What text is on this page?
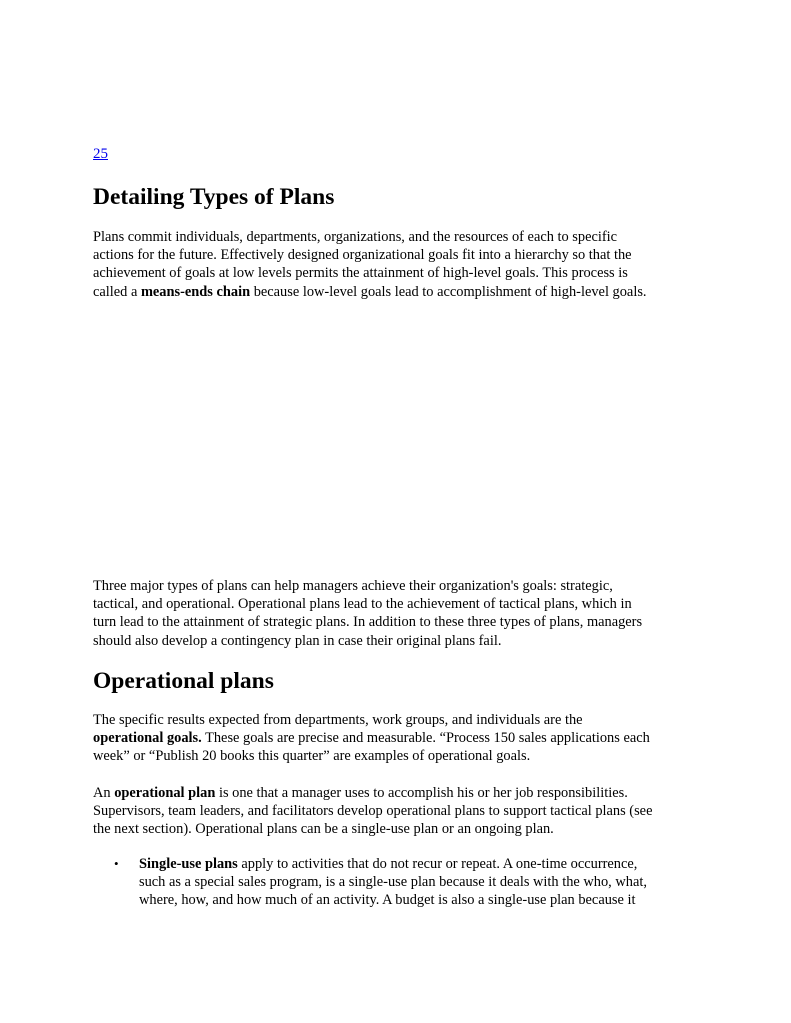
25
Detailing Types of Plans

Plans commit individuals, departments, organizations, and the resources of each to specific
actions for the future. Effectively designed organizational goals fit into a hierarchy so that the
achievement of goals at low levels permits the attainment of high-level goals. This process is
called a means-ends chain because low-level goals lead to accomplishment of high-level goals.

Three major types of plans can help managers achieve their organization's goals: strategic,
tactical, and operational. Operational plans lead to the achievement of tactical plans, which in
turn lead to the attainment of strategic plans. In addition to these three types of plans, managers
should also develop a contingency plan in case their original plans fail.

Operational plans

The specific results expected from departments, work groups, and individuals are the
operational goals. These goals are precise and measurable. “Process 150 sales applications each
week” or “Publish 20 books this quarter” are examples of operational goals.

An operational plan is one that a manager uses to accomplish his or her job responsibilities.
Supervisors, team leaders, and facilitators develop operational plans to support tactical plans (see
the next section). Operational plans can be a single-use plan or an ongoing plan.

• Single-use plans apply to activities that do not recur or repeat. A one-time occurrence,
such as a special sales program, is a single-use plan because it deals with the who, what,
where, how, and how much of an activity. A budget is also a single-use plan because it
